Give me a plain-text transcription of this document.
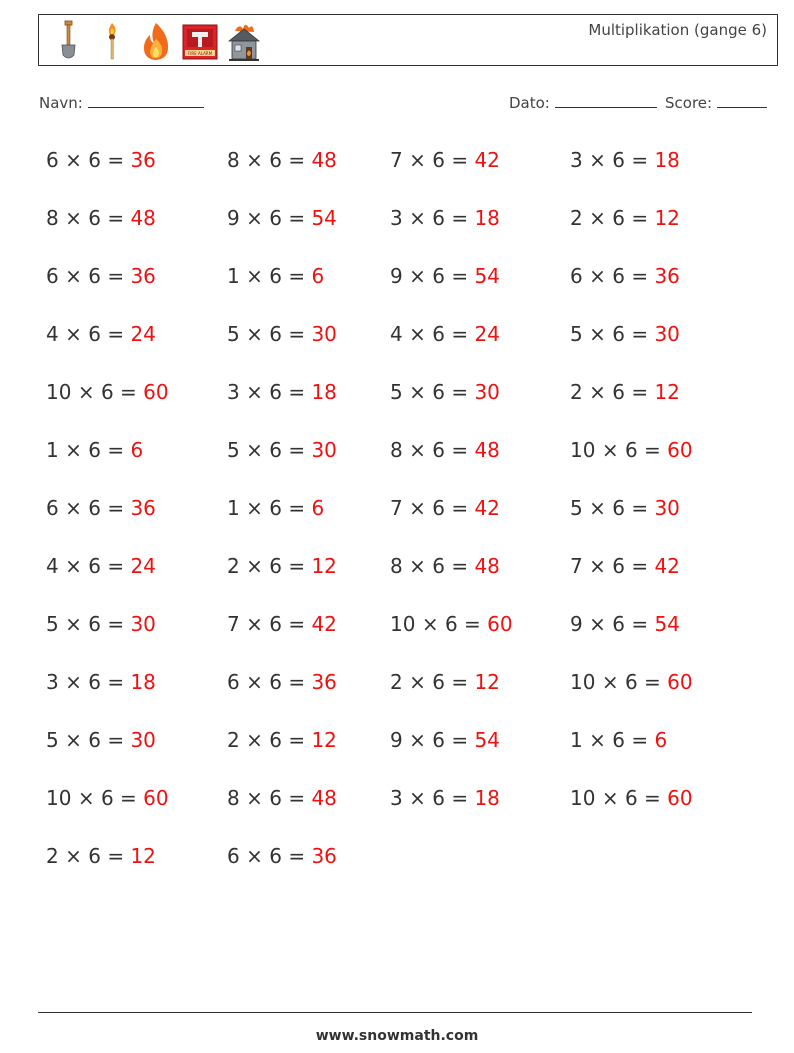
FIRE ALARM
Multiplikation (gange 6)
Navn:	Dato:	Score:
6 × 6 = 36	8 × 6 = 48	7 × 6 = 42	3 × 6 = 18
8 × 6 = 48	9 × 6 = 54	3 × 6 = 18	2 × 6 = 12
6 × 6 = 36	1 × 6 = 6	9 × 6 = 54	6 × 6 = 36
4 × 6 = 24	5 × 6 = 30	4 × 6 = 24	5 × 6 = 30
10 × 6 = 60	3 × 6 = 18	5 × 6 = 30	2 × 6 = 12
1 × 6 = 6	5 × 6 = 30	8 × 6 = 48	10 × 6 = 60
6 × 6 = 36	1 × 6 = 6	7 × 6 = 42	5 × 6 = 30
4 × 6 = 24	2 × 6 = 12	8 × 6 = 48	7 × 6 = 42
5 × 6 = 30	7 × 6 = 42	10 × 6 = 60	9 × 6 = 54
3 × 6 = 18	6 × 6 = 36	2 × 6 = 12	10 × 6 = 60
5 × 6 = 30	2 × 6 = 12	9 × 6 = 54	1 × 6 = 6
10 × 6 = 60	8 × 6 = 48	3 × 6 = 18	10 × 6 = 60
2 × 6 = 12	6 × 6 = 36
www.snowmath.com
